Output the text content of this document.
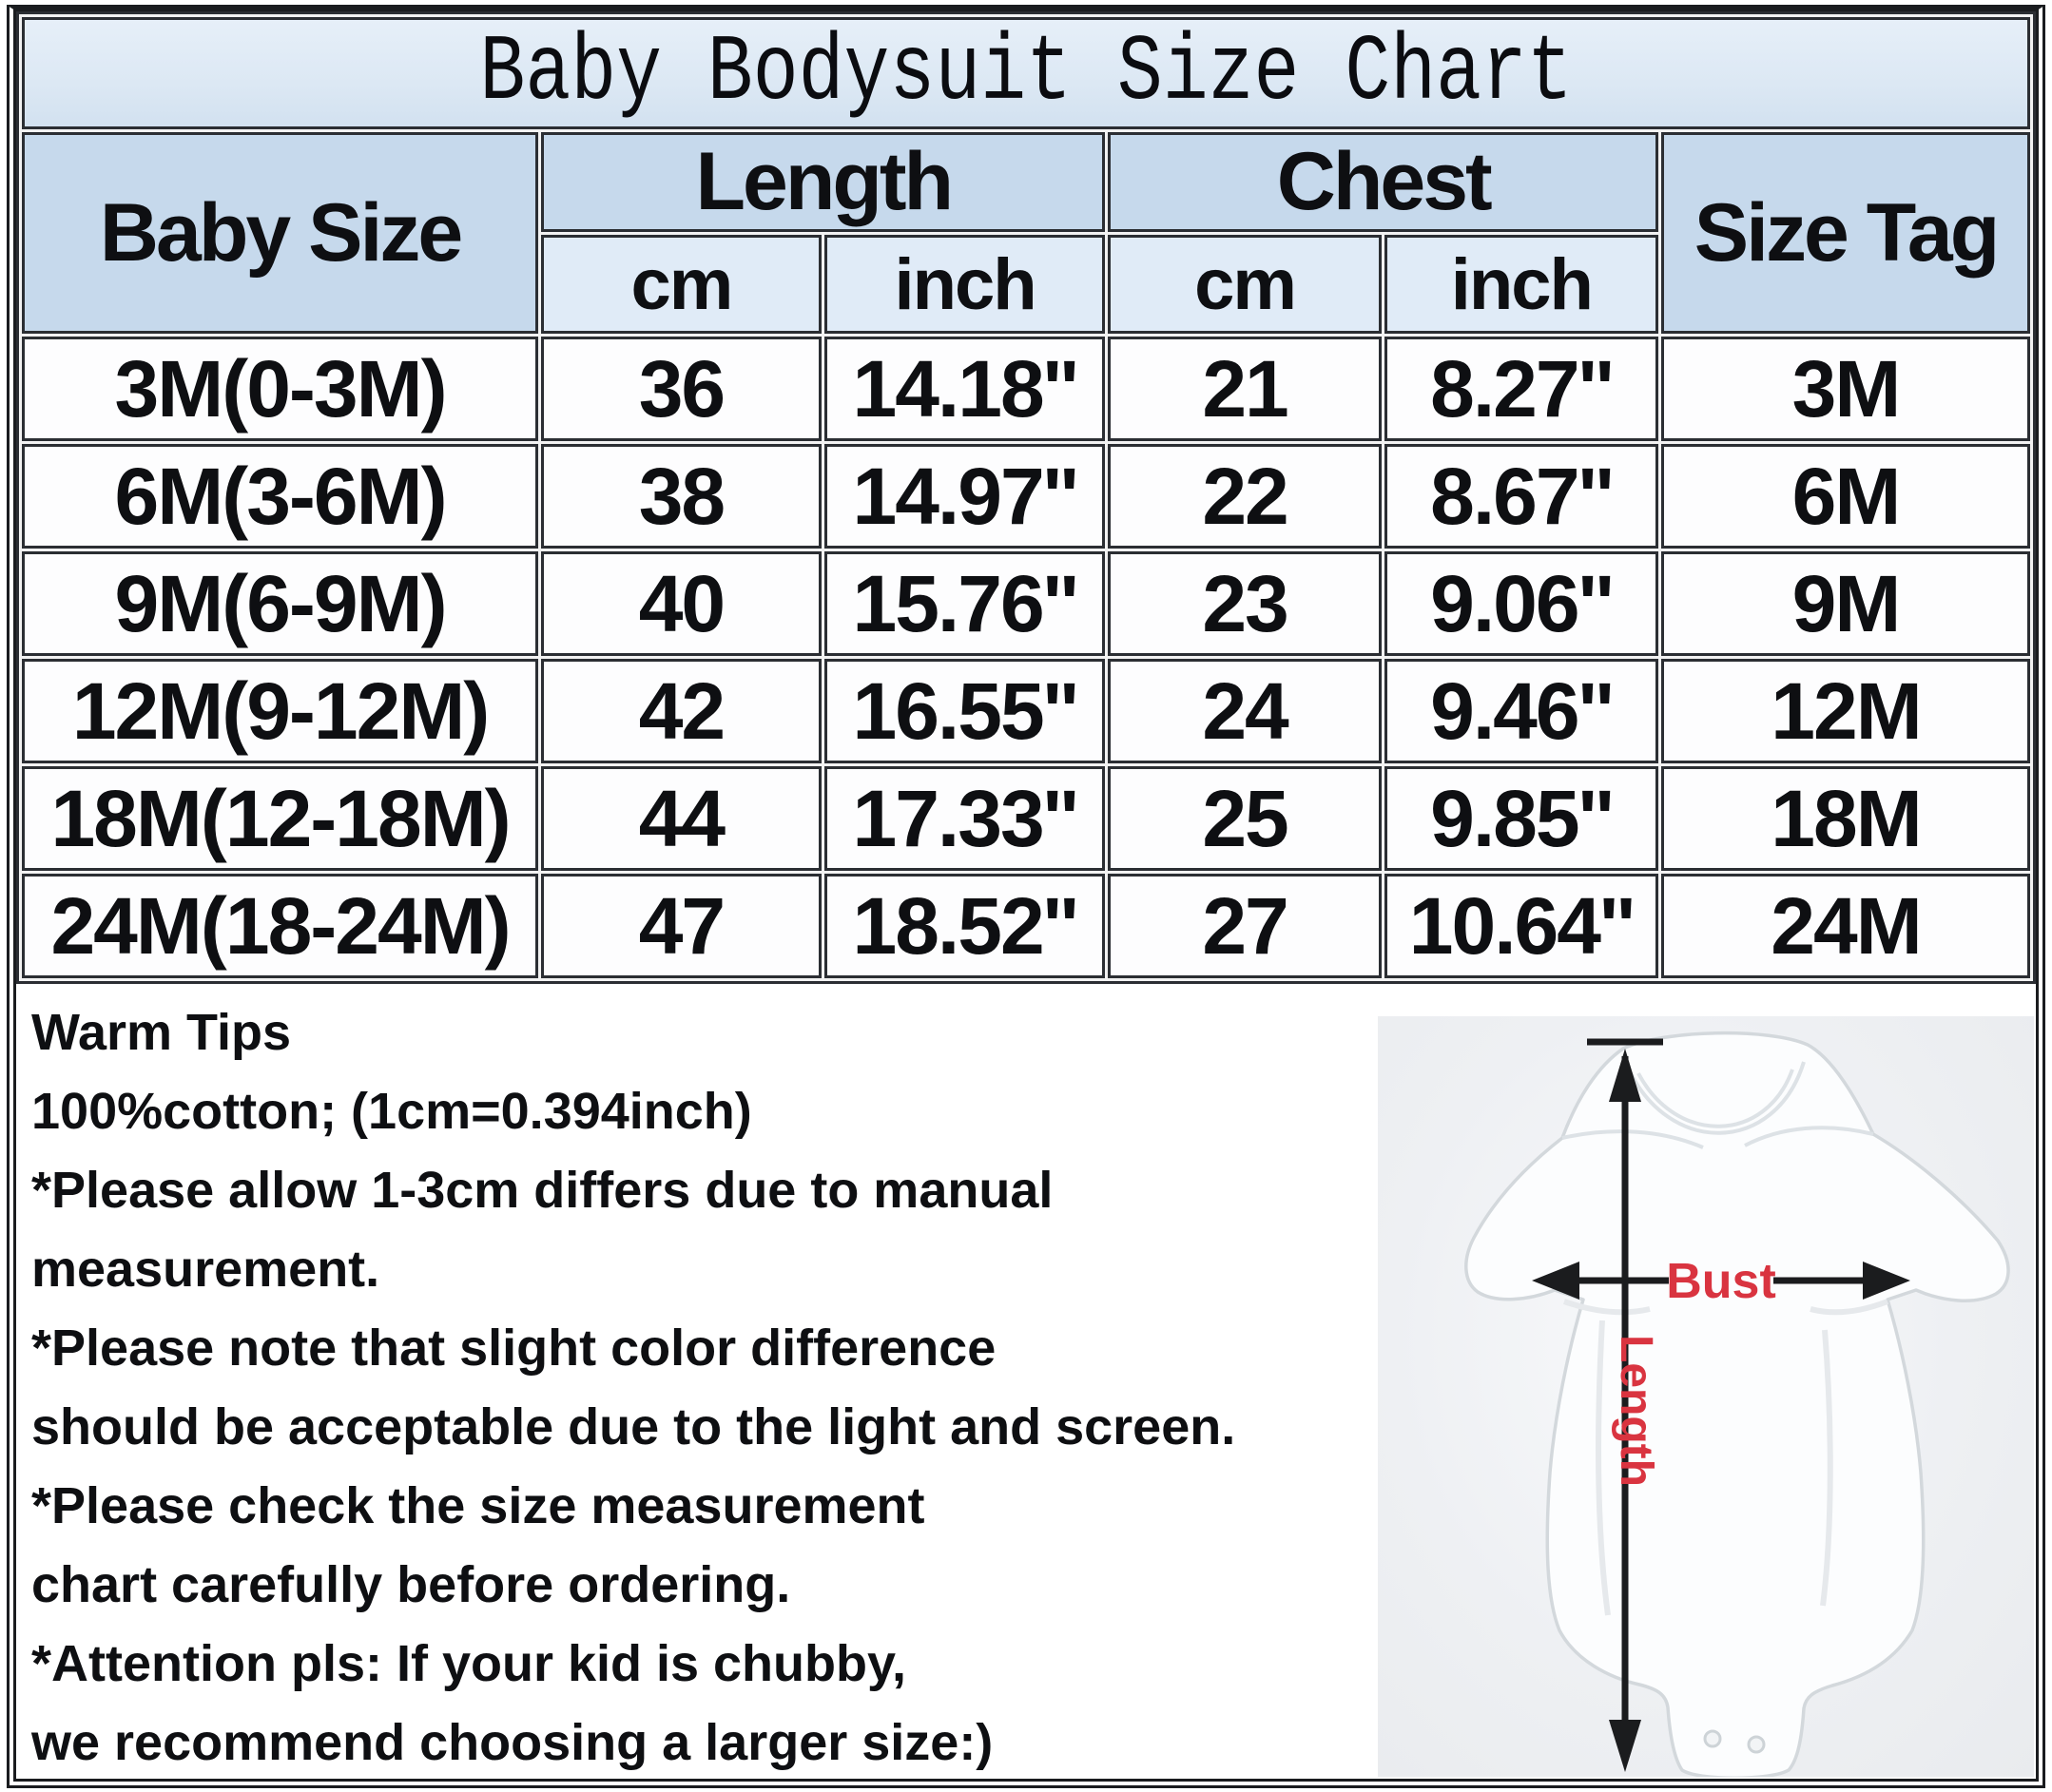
Baby Bodysuit Size Chart					
Baby Size	Length		Chest		Size Tag
	cm	inch	cm	inch	
3M(0-3M)	36	14.18''	21	8.27''	3M
6M(3-6M)	38	14.97''	22	8.67''	6M
9M(6-9M)	40	15.76''	23	9.06''	9M
12M(9-12M)	42	16.55''	24	9.46''	12M
18M(12-18M)	44	17.33''	25	9.85''	18M
24M(18-24M)	47	18.52''	27	10.64''	24M
Warm Tips
100%cotton; (1cm=0.394inch)
*Please allow 1-3cm differs due to manual
measurement.
*Please note that slight color difference
should be acceptable due to the light and screen.
*Please check the size measurement
chart carefully before ordering.
*Attention pls: If your kid is chubby,
we recommend choosing a larger size:)
Bust
Length
